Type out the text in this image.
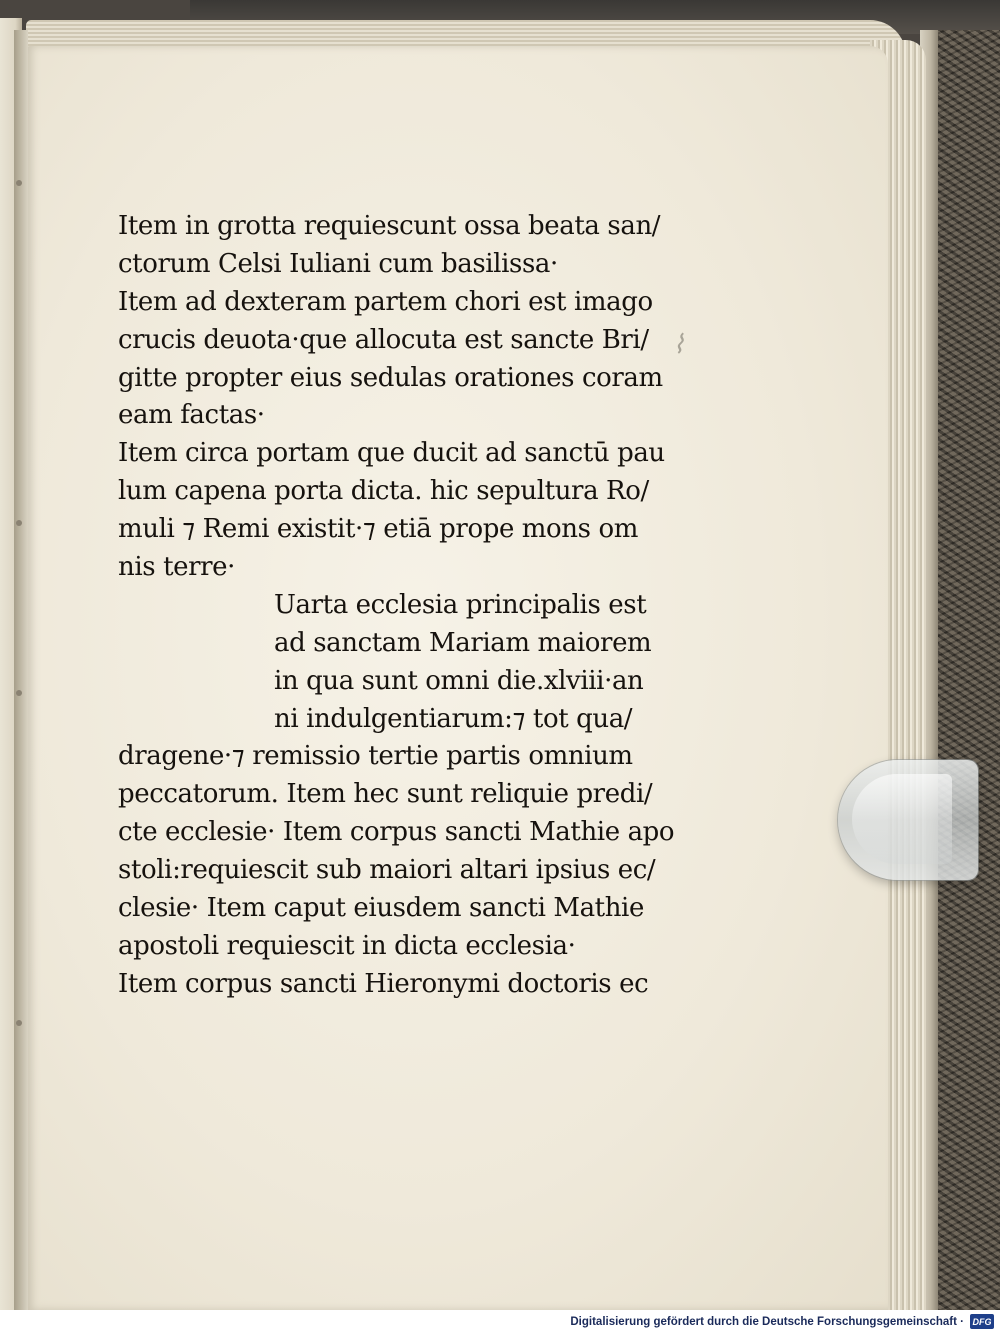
Item in grotta requiescunt ossa beata san/
ctorum Celsi Iuliani cum basilissa·
Item ad dexteram partem chori est imago
crucis deuota·que allocuta est sancte Bri/
gitte propter eius sedulas orationes coram
eam factas·
Item circa portam que ducit ad sanctū pau
lum capena porta dicta. hic sepultura Ro/
muli ⁊ Remi existit·⁊ etiā prope mons om
nis terre·
Uarta ecclesia principalis est
ad sanctam Mariam maiorem
in qua sunt omni die.xlviii·an
ni indulgentiarum:⁊ tot qua/
dragene·⁊ remissio tertie partis omnium
peccatorum. Item hec sunt reliquie predi/
cte ecclesie· Item corpus sancti Mathie apo
stoli:requiescit sub maiori altari ipsius ec/
clesie· Item caput eiusdem sancti Mathie
apostoli requiescit in dicta ecclesia·
Item corpus sancti Hieronymi doctoris ec
⌇
Digitalisierung gefördert durch die Deutsche Forschungsgemeinschaft · DFG
